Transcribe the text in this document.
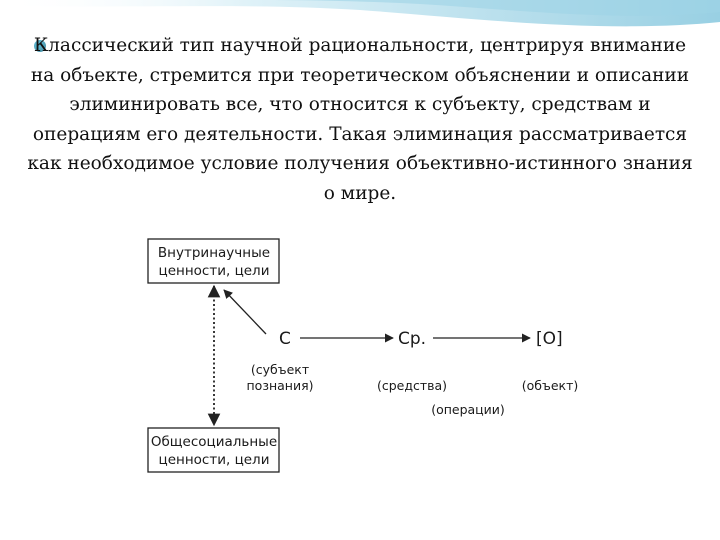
Классический тип научной рациональности, центрируя внимание на объекте, стремится при теоретическом объяснении и описании элиминировать все, что относится к субъекту, средствам и операциям его деятельности. Такая элиминация рассматривается как необходимое условие получения объективно-истинного знания о мире.

Внутринаучные
ценности, цели
Общесоциальные
ценности, цели
С	Ср.	[О]
(субъект
познания)	(средства)	(объект)
(операции)
